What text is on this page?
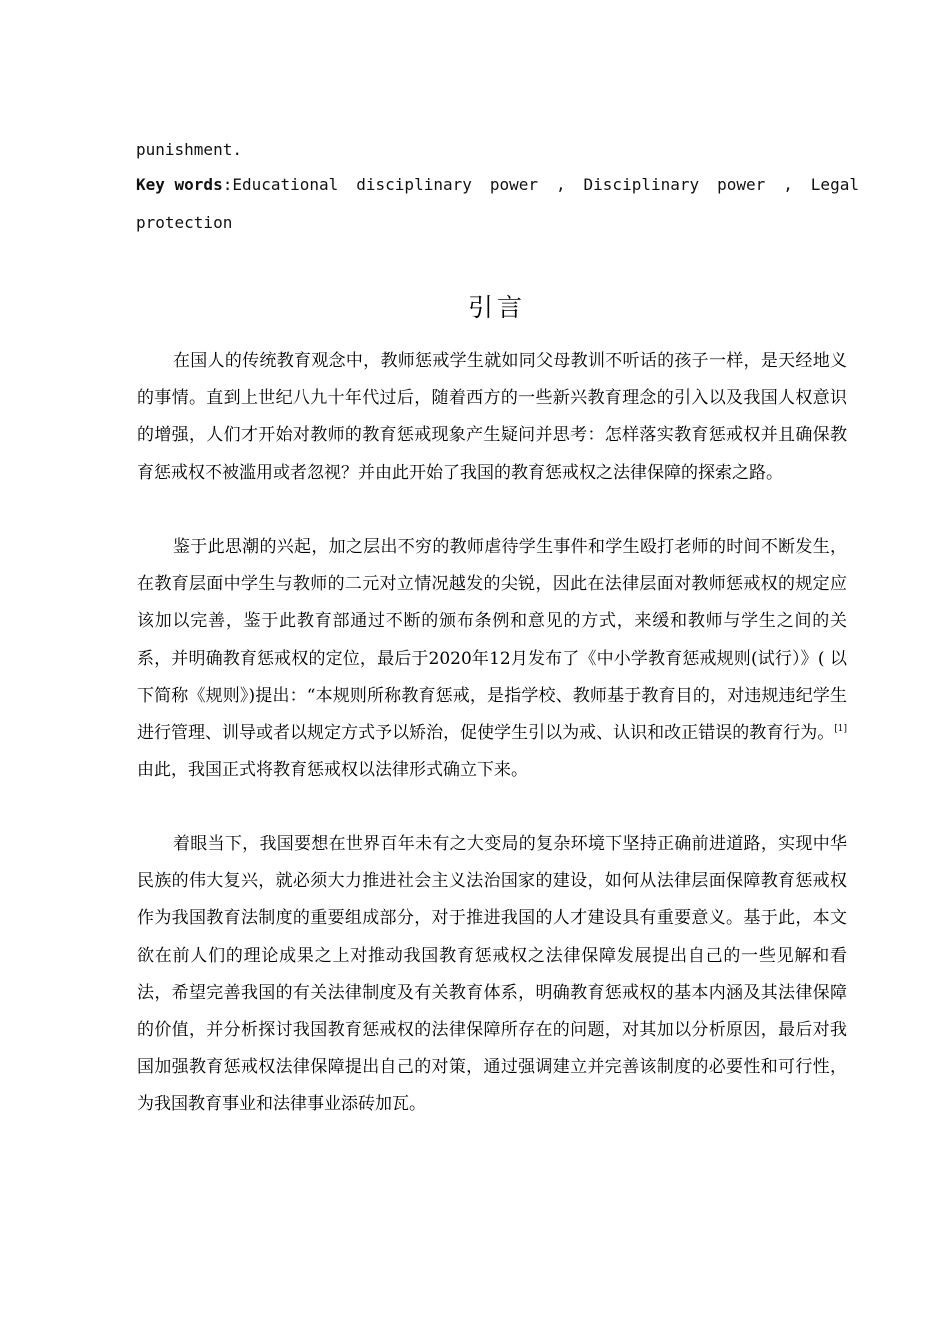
punishment.
Key words:Educational disciplinary power , Disciplinary power , Legal
protection
引言

在国人的传统教育观念中，教师惩戒学生就如同父母教训不听话的孩子一样，是天经地义的事情。直到上世纪八九十年代过后，随着西方的一些新兴教育理念的引入以及我国人权意识的增强，人们才开始对教师的教育惩戒现象产生疑问并思考：怎样落实教育惩戒权并且确保教育惩戒权不被滥用或者忽视？并由此开始了我国的教育惩戒权之法律保障的探索之路。

鉴于此思潮的兴起，加之层出不穷的教师虐待学生事件和学生殴打老师的时间不断发生，在教育层面中学生与教师的二元对立情况越发的尖锐，因此在法律层面对教师惩戒权的规定应该加以完善，鉴于此教育部通过不断的颁布条例和意见的方式，来缓和教师与学生之间的关系，并明确教育惩戒权的定位，最后于2020年12月发布了《中小学教育惩戒规则(试行）》( 以下简称《规则》)提出：“本规则所称教育惩戒，是指学校、教师基于教育目的，对违规违纪学生进行管理、训导或者以规定方式予以矫治，促使学生引以为戒、认识和改正错误的教育行为。[1]由此，我国正式将教育惩戒权以法律形式确立下来。

着眼当下，我国要想在世界百年未有之大变局的复杂环境下坚持正确前进道路，实现中华民族的伟大复兴，就必须大力推进社会主义法治国家的建设，如何从法律层面保障教育惩戒权作为我国教育法制度的重要组成部分，对于推进我国的人才建设具有重要意义。基于此，本文欲在前人们的理论成果之上对推动我国教育惩戒权之法律保障发展提出自己的一些见解和看法，希望完善我国的有关法律制度及有关教育体系，明确教育惩戒权的基本内涵及其法律保障的价值，并分析探讨我国教育惩戒权的法律保障所存在的问题，对其加以分析原因，最后对我国加强教育惩戒权法律保障提出自己的对策，通过强调建立并完善该制度的必要性和可行性，为我国教育事业和法律事业添砖加瓦。
